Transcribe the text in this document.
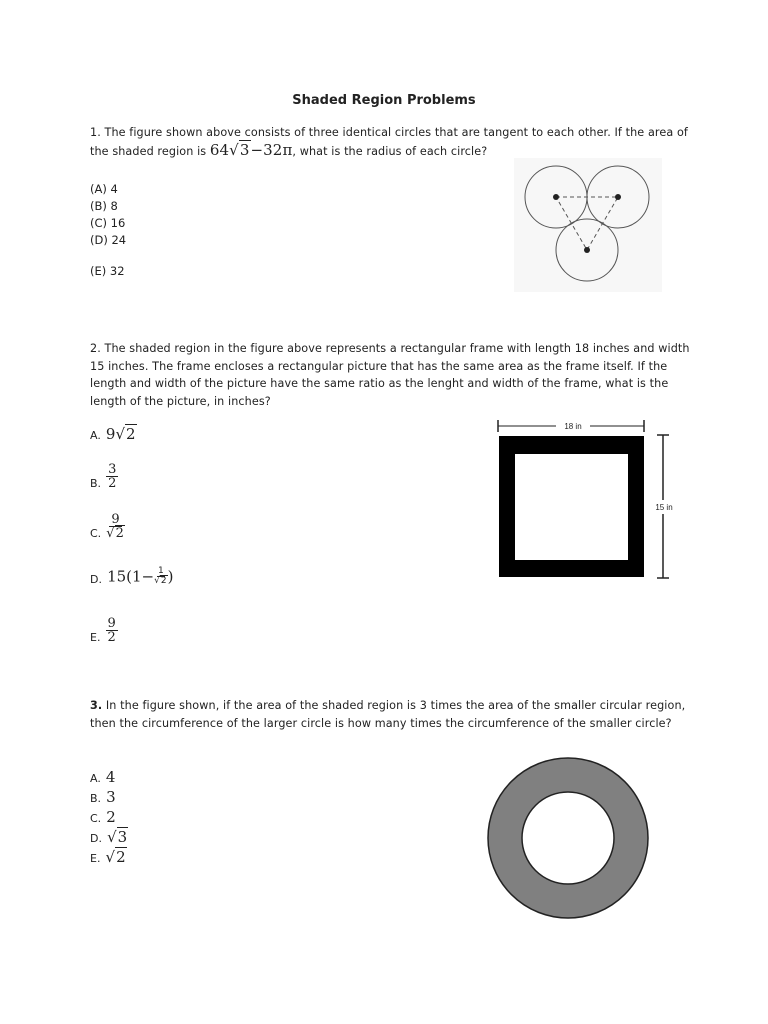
Shaded Region Problems
1. The figure shown above consists of three identical circles that are tangent to each other. If the area of the shaded region is 64√3−32π, what is the radius of each circle?
(A) 4
(B) 8
(C) 16
(D) 24
(E) 32
2. The shaded region in the figure above represents a rectangular frame with length 18 inches and width 15 inches. The frame encloses a rectangular picture that has the same area as the frame itself. If the length and width of the picture have the same ratio as the lenght and width of the frame, what is the length of the picture, in inches?
A. 9√2
B. $\frac{3}{2}$
C. $\frac{9}{√2}$
D. $15(1- \frac{1}{√2}$ )
E. $\frac{9}{2}$
18 in
15 in
3. In the figure shown, if the area of the shaded region is 3 times the area of the smaller circular region, then the circumference of the larger circle is how many times the circumference of the smaller circle?
A. 4
B. 3
C. 2
D. √3
E. √2
